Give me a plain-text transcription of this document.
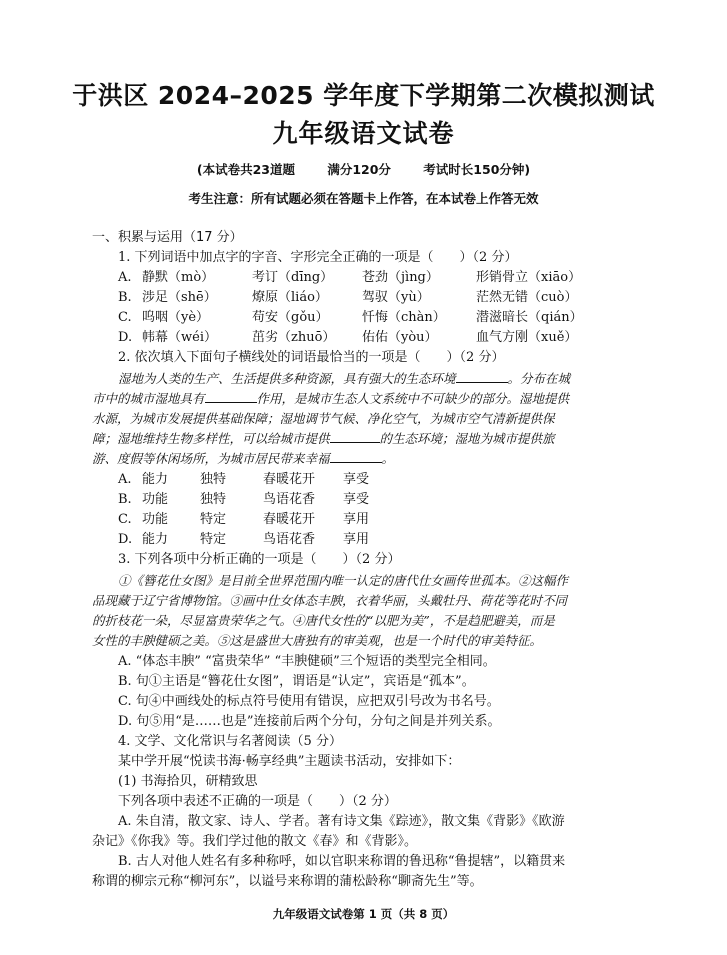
于洪区 2024–2025 学年度下学期第二次模拟测试
九年级语文试卷
(本试卷共23道题	满分120分	考试时长150分钟)
考生注意：所有试题必须在答题卡上作答，在本试卷上作答无效
一、积累与运用（17 分）
1. 下列词语中加点字的字音、字形完全正确的一项是（　　）（2 分）
A. 静默（mò）	考订（dīng） 苍劲（jìng）	形销骨立（xiāo）
B. 涉足（shē）	燎原（liáo）	驾驭（yù）	茫然无错（cuò）
C. 呜咽（yè）	苟安（gǒu）	忏悔（chàn） 潜滋暗长（qián）
D. 帏幕（wéi）	茁劣（zhuō） 佑佑（yòu）	血气方刚（xuě）
2. 依次填入下面句子横线处的词语最恰当的一项是（　　）（2 分）
湿地为人类的生产、生活提供多种资源，具有强大的生态环境	。分布在城
市中的城市湿地具有	作用，是城市生态人文系统中不可缺少的部分。湿地提供
水源，为城市发展提供基础保障；湿地调节气候、净化空气，为城市空气清新提供保
障；湿地维持生物多样性，可以给城市提供	的生态环境；湿地为城市提供旅
游、度假等休闲场所，为城市居民带来幸福	。
A. 能力 独特	春暖花开 享受
B. 功能 独特	鸟语花香 享受
C. 功能 特定	春暖花开 享用
D. 能力 特定	鸟语花香 享用
3. 下列各项中分析正确的一项是（　　）（2 分）
①《簪花仕女图》是目前全世界范围内唯一认定的唐代仕女画传世孤本。②这幅作
品现藏于辽宁省博物馆。③画中仕女体态丰腴，衣着华丽，头戴牡丹、荷花等花时不同
的折枝花一朵，尽显富贵荣华之气。④唐代女性的“以肥为美”，不是趋肥避美，而是
女性的丰腴健硕之美。⑤这是盛世大唐独有的审美观，也是一个时代的审美特征。
A. “体态丰腴” “富贵荣华” “丰腴健硕”三个短语的类型完全相同。
B. 句①主语是“簪花仕女图”，谓语是“认定”，宾语是“孤本”。
C. 句④中画线处的标点符号使用有错误，应把双引号改为书名号。
D. 句⑤用“是……也是”连接前后两个分句，分句之间是并列关系。
4. 文学、文化常识与名著阅读（5 分）
某中学开展“悦读书海·畅享经典”主题读书活动，安排如下：
(1) 书海拾贝，研精致思
下列各项中表述不正确的一项是（　　）（2 分）
A. 朱自清，散文家、诗人、学者。著有诗文集《踪迹》，散文集《背影》《欧游
杂记》《你我》等。我们学过他的散文《春》和《背影》。
B. 古人对他人姓名有多种称呼，如以官职来称谓的鲁迅称“鲁提辖”，以籍贯来
称谓的柳宗元称“柳河东”，以谥号来称谓的蒲松龄称“聊斋先生”等。
九年级语文试卷第 1 页（共 8 页）
